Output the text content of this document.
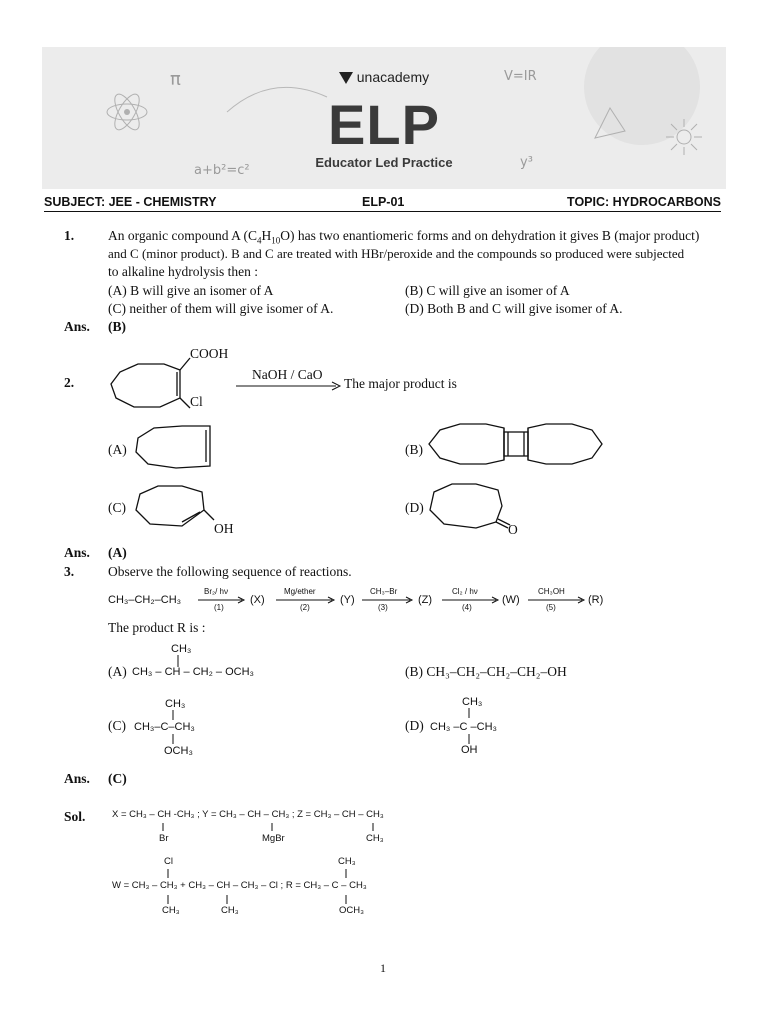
π	V=IR
a+b²=c²
y³
unacademy
ELP
Educator Led Practice
SUBJECT: JEE - CHEMISTRY	ELP-01	TOPIC: HYDROCARBONS
1.	An organic compound A $(C_4H_{10}O)$ has two enantiomeric forms and on dehydration it gives B (major product)
and C (minor product). B and C are treated with HBr/peroxide and the compounds so produced were subjected
to alkaline hydrolysis then :
(A) B will give an isomer of A	(B) C will give an isomer of A
(C) neither of them will give isomer of A.	(D) Both B and C will give isomer of A.
Ans. (B)
2.
COOH
Cl
NaOH / CaO
The major product is
(A)	(B)
(C)
OH
(D)
O
Ans. (A)
3.	Observe the following sequence of reactions.
CH₃–CH₂–CH₃
Br₂/ hν
(1)
(X)
Mg/ether
(2)
(Y)
CH₃–Br
(3)
(Z)
Cl₂ / hν
(4)
(W)
CH₃OH
(5)
(R)
The product R is :
CH₃
(A) CH₃ – CH – CH₂ – OCH₃	(B) CH₃–CH₂–CH₂–CH₂–OH
CH₃
(C) CH₃–C–CH₃
OCH₃
CH₃
(D) CH₃ –C –CH₃
OH
Ans. (C)
Sol.	X = CH₃ – CH -CH₃ ; Y = CH₃ – CH – CH₃ ; Z = CH₃ – CH – CH₃
Br	MgBr	CH₃
Cl	CH₃
W = CH₃ – CH₃ + CH₃ – CH – CH₃ – Cl ; R = CH₃ – C – CH₃
CH₃	CH₃	OCH₃
1
